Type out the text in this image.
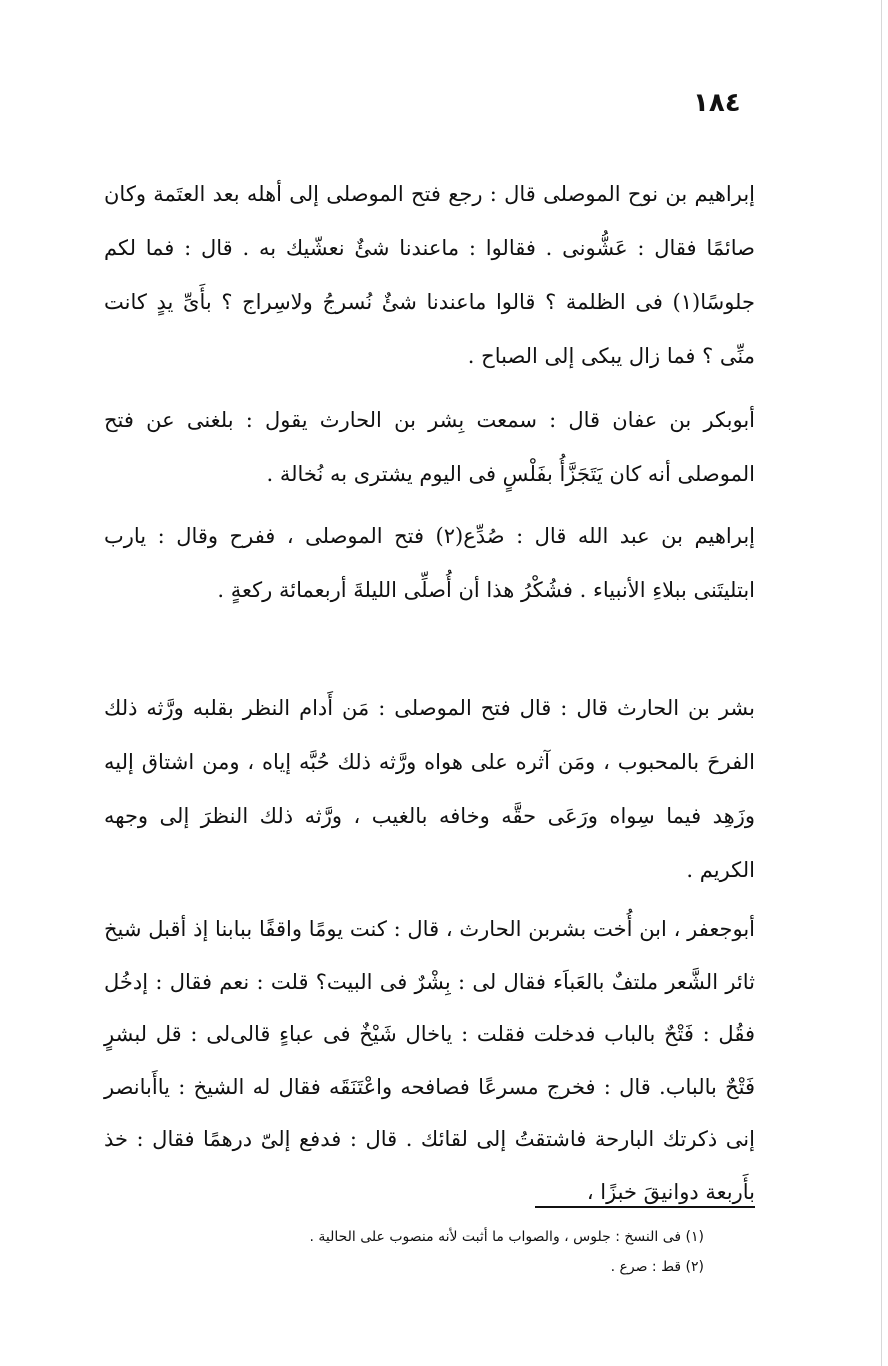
١٨٤

إبراهيم بن نوح الموصلى قال : رجع فتح الموصلى إلى أهله بعد العتَمة وكان صائمًا فقال : عَشُّونى . فقالوا : ماعندنا شئٌ نعشّيك به . قال : فما لكم جلوسًا(١) فى الظلمة ؟ قالوا ماعندنا شئٌ نُسرجُ ولاسِراج ؟ بأَىِّ يدٍ كانت منِّى ؟ فما زال يبكى إلى الصباح .

أبوبكر بن عفان قال : سمعت بِشر بن الحارث يقول : بلغنى عن فتح الموصلى أنه كان يَتَجَزَّأُ بفَلْسٍ فى اليوم يشترى به نُخالة .

إبراهيم بن عبد الله قال : صُدِّع(٢) فتح الموصلى ، ففرح وقال : يارب ابتليتَنى ببلاءِ الأنبياء . فشُكْرُ هذا أن أُصلِّى الليلةَ أربعمائة ركعةٍ .

بشر بن الحارث قال : قال فتح الموصلى : مَن أَدام النظر بقلبه ورَّثه ذلك الفرحَ بالمحبوب ، ومَن آثره على هواه ورَّثه ذلك حُبَّه إياه ، ومن اشتاق إليه وزَهِد فيما سِواه ورَعَى حقَّه وخافه بالغيب ، ورَّثه ذلك النظرَ إلى وجهه الكريم .

أبوجعفر ، ابن أُخت بشربن الحارث ، قال : كنت يومًا واقفًا ببابنا إذ أقبل شيخ ثائر الشَّعر ملتفٌ بالعَباَء فقال لى : بِشْرٌ فى البيت؟ قلت : نعم فقال : إدخُل فقُل : فَتْحٌ بالباب فدخلت فقلت : ياخال شَيْخٌ فى عباءٍ قالى‌لى : قل لبشرٍ فَتْحٌ بالباب. قال : فخرج مسرعًا فصافحه واعْتَنَقَه فقال له الشيخ : ياأَبانصر إنى ذكرتك البارحة فاشتقتُ إلى لقائك . قال : فدفع إلىّ درهمًا فقال : خذ بأَربعة دوانيقَ خبزًا ،

(١) فى النسخ : جلوس ، والصواب ما أثبت لأنه منصوب على الحالية .
(٢) قط : صرع .
